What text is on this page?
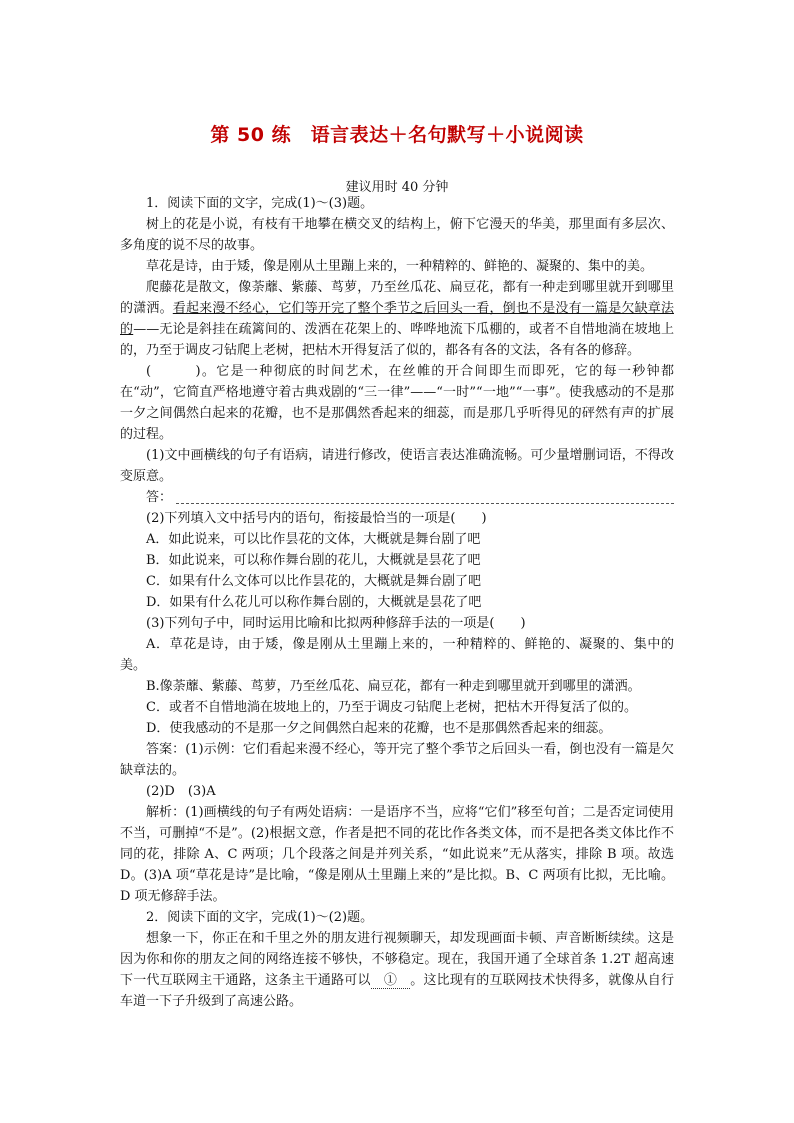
第 50 练　语言表达＋名句默写＋小说阅读
建议用时 40 分钟

1．阅读下面的文字，完成(1)～(3)题。

树上的花是小说，有枝有干地攀在横交叉的结构上，俯下它漫天的华美，那里面有多层次、多角度的说不尽的故事。

草花是诗，由于矮，像是刚从土里蹦上来的，一种精粹的、鲜艳的、凝聚的、集中的美。

爬藤花是散文，像荼蘼、紫藤、茑萝，乃至丝瓜花、扁豆花，都有一种走到哪里就开到哪里的潇洒。看起来漫不经心，它们等开完了整个季节之后回头一看，倒也不是没有一篇是欠缺章法的——无论是斜挂在疏篱间的、泼洒在花架上的、哗哗地流下瓜棚的，或者不自惜地淌在坡地上的，乃至于调皮刁钻爬上老树，把枯木开得复活了似的，都各有各的文法，各有各的修辞。

(　　　)。它是一种彻底的时间艺术，在丝帷的开合间即生而即死，它的每一秒钟都在“动”，它简直严格地遵守着古典戏剧的“三一律”——“一时”“一地”“一事”。使我感动的不是那一夕之间偶然白起来的花瓣，也不是那偶然香起来的细蕊，而是那几乎听得见的砰然有声的扩展的过程。

(1)文中画横线的句子有语病，请进行修改，使语言表达准确流畅。可少量增删词语，不得改变原意。

答：

(2)下列填入文中括号内的语句，衔接最恰当的一项是(　　)

A．如此说来，可以比作昙花的文体，大概就是舞台剧了吧

B．如此说来，可以称作舞台剧的花儿，大概就是昙花了吧

C．如果有什么文体可以比作昙花的，大概就是舞台剧了吧

D．如果有什么花儿可以称作舞台剧的，大概就是昙花了吧

(3)下列句子中，同时运用比喻和比拟两种修辞手法的一项是(　　)

A．草花是诗，由于矮，像是刚从土里蹦上来的，一种精粹的、鲜艳的、凝聚的、集中的美。

B.像荼蘼、紫藤、茑萝，乃至丝瓜花、扁豆花，都有一种走到哪里就开到哪里的潇洒。

C．或者不自惜地淌在坡地上的，乃至于调皮刁钻爬上老树，把枯木开得复活了似的。

D．使我感动的不是那一夕之间偶然白起来的花瓣，也不是那偶然香起来的细蕊。

答案：(1)示例：它们看起来漫不经心，等开完了整个季节之后回头一看，倒也没有一篇是欠缺章法的。

(2)D　(3)A

解析：(1)画横线的句子有两处语病：一是语序不当，应将“它们”移至句首；二是否定词使用不当，可删掉“不是”。(2)根据文意，作者是把不同的花比作各类文体，而不是把各类文体比作不同的花，排除 A、C 两项；几个段落之间是并列关系，“如此说来”无从落实，排除 B 项。故选 D。(3)A 项“草花是诗”是比喻，“像是刚从土里蹦上来的”是比拟。B、C 两项有比拟，无比喻。D 项无修辞手法。

2．阅读下面的文字，完成(1)～(2)题。

想象一下，你正在和千里之外的朋友进行视频聊天，却发现画面卡顿、声音断断续续。这是因为你和你的朋友之间的网络连接不够快，不够稳定。现在，我国开通了全球首条 1.2T 超高速下一代互联网主干通路，这条主干通路可以　①　。这比现有的互联网技术快得多，就像从自行车道一下子升级到了高速公路。
